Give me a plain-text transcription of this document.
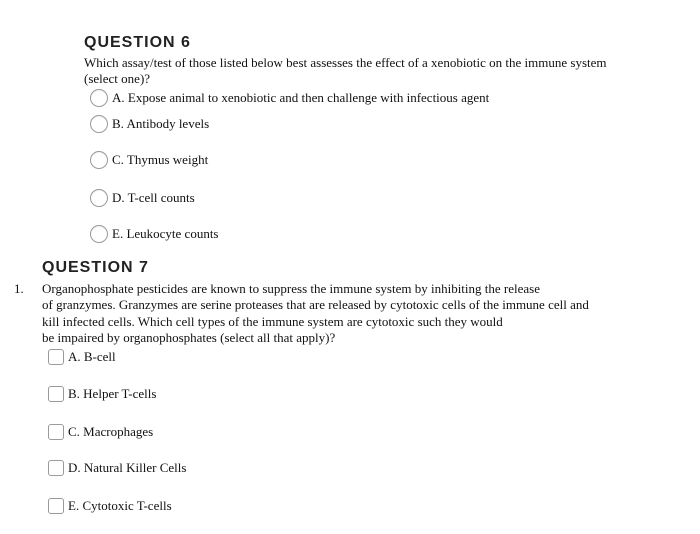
QUESTION 6
Which assay/test of those listed below best assesses the effect of a xenobiotic on the immune system
(select one)?
A. Expose animal to xenobiotic and then challenge with infectious agent
B. Antibody levels
C. Thymus weight
D. T-cell counts
E. Leukocyte counts
QUESTION 7
1. Organophosphate pesticides are known to suppress the immune system by inhibiting the release
of granzymes. Granzymes are serine proteases that are released by cytotoxic cells of the immune cell and
kill infected cells. Which cell types of the immune system are cytotoxic such they would
be impaired by organophosphates (select all that apply)?
A. B-cell
B. Helper T-cells
C. Macrophages
D. Natural Killer Cells
E. Cytotoxic T-cells
